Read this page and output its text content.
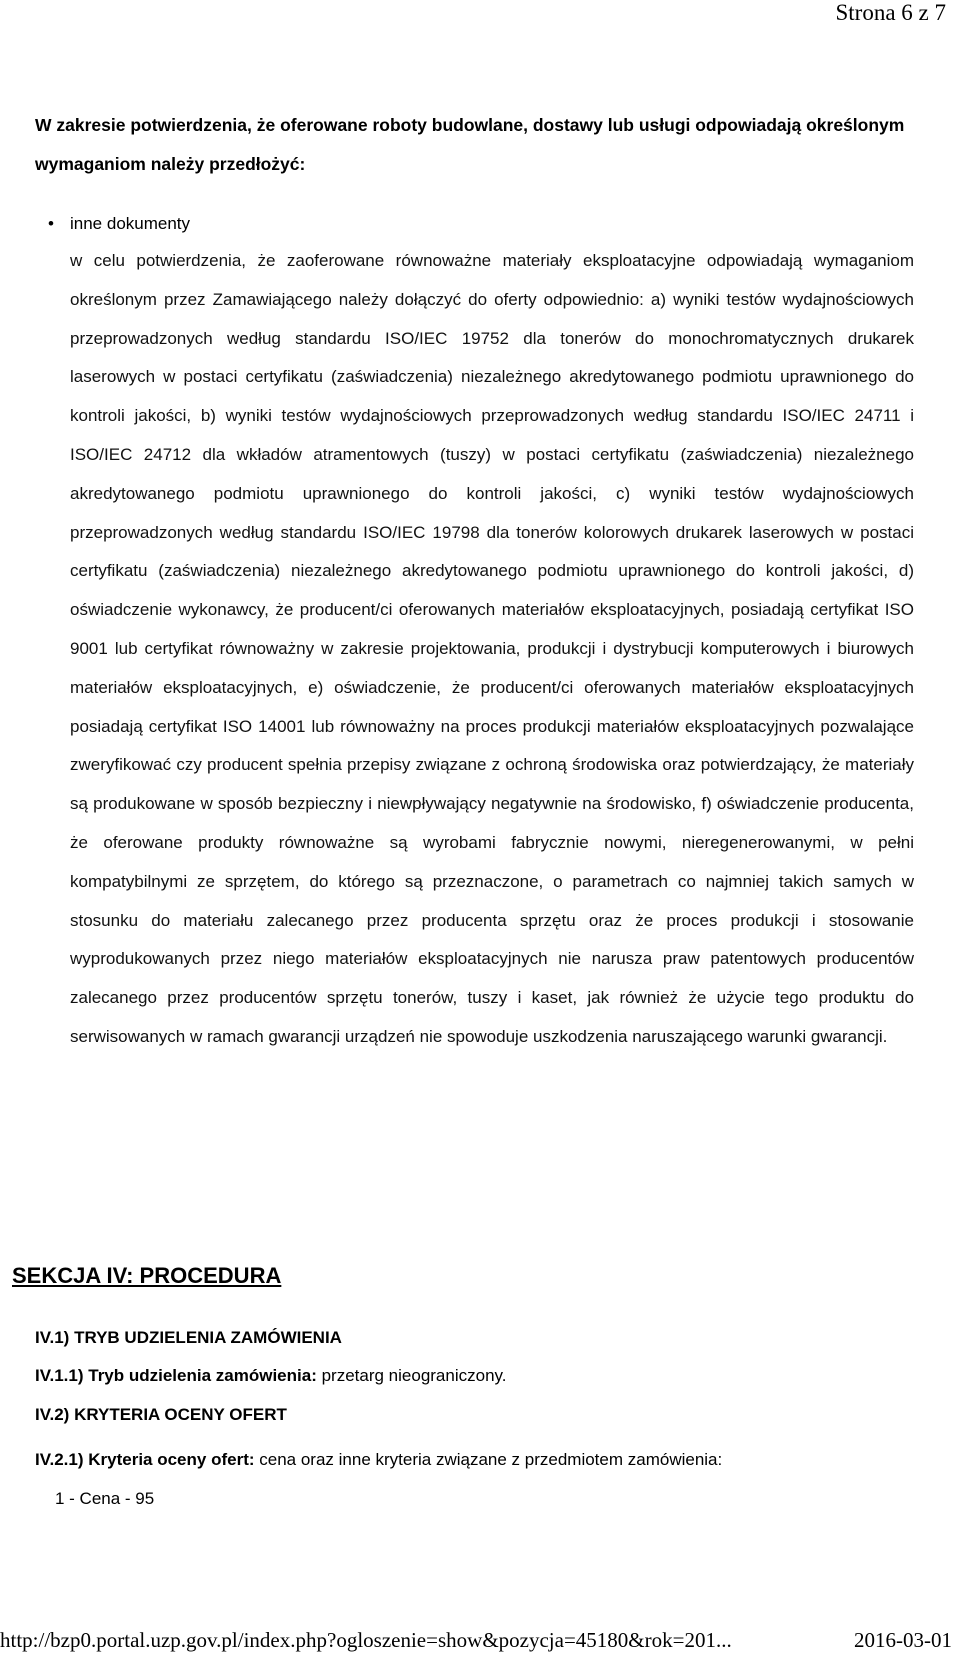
Strona 6 z 7

W zakresie potwierdzenia, że oferowane roboty budowlane, dostawy lub usługi odpowiadają określonym wymaganiom należy przedłożyć:

• inne dokumenty

w celu potwierdzenia, że zaoferowane równoważne materiały eksploatacyjne odpowiadają wymaganiom określonym przez Zamawiającego należy dołączyć do oferty odpowiednio: a) wyniki testów wydajnościowych przeprowadzonych według standardu ISO/IEC 19752 dla tonerów do monochromatycznych drukarek laserowych w postaci certyfikatu (zaświadczenia) niezależnego akredytowanego podmiotu uprawnionego do kontroli jakości, b) wyniki testów wydajnościowych przeprowadzonych według standardu ISO/IEC 24711 i ISO/IEC 24712 dla wkładów atramentowych (tuszy) w postaci certyfikatu (zaświadczenia) niezależnego akredytowanego podmiotu uprawnionego do kontroli jakości, c) wyniki testów wydajnościowych przeprowadzonych według standardu ISO/IEC 19798 dla tonerów kolorowych drukarek laserowych w postaci certyfikatu (zaświadczenia) niezależnego akredytowanego podmiotu uprawnionego do kontroli jakości, d) oświadczenie wykonawcy, że producent/ci oferowanych materiałów eksploatacyjnych, posiadają certyfikat ISO 9001 lub certyfikat równoważny w zakresie projektowania, produkcji i dystrybucji komputerowych i biurowych materiałów eksploatacyjnych, e) oświadczenie, że producent/ci oferowanych materiałów eksploatacyjnych posiadają certyfikat ISO 14001 lub równoważny na proces produkcji materiałów eksploatacyjnych pozwalające zweryfikować czy producent spełnia przepisy związane z ochroną środowiska oraz potwierdzający, że materiały są produkowane w sposób bezpieczny i niewpływający negatywnie na środowisko, f) oświadczenie producenta, że oferowane produkty równoważne są wyrobami fabrycznie nowymi, nieregenerowanymi, w pełni kompatybilnymi ze sprzętem, do którego są przeznaczone, o parametrach co najmniej takich samych w stosunku do materiału zalecanego przez producenta sprzętu oraz że proces produkcji i stosowanie wyprodukowanych przez niego materiałów eksploatacyjnych nie narusza praw patentowych producentów zalecanego przez producentów sprzętu tonerów, tuszy i kaset, jak również że użycie tego produktu do serwisowanych w ramach gwarancji urządzeń nie spowoduje uszkodzenia naruszającego warunki gwarancji.

SEKCJA IV: PROCEDURA

IV.1) TRYB UDZIELENIA ZAMÓWIENIA

IV.1.1) Tryb udzielenia zamówienia: przetarg nieograniczony.

IV.2) KRYTERIA OCENY OFERT

IV.2.1) Kryteria oceny ofert: cena oraz inne kryteria związane z przedmiotem zamówienia:

1 - Cena - 95

http://bzp0.portal.uzp.gov.pl/index.php?ogloszenie=show&pozycja=45180&rok=201...	2016-03-01
